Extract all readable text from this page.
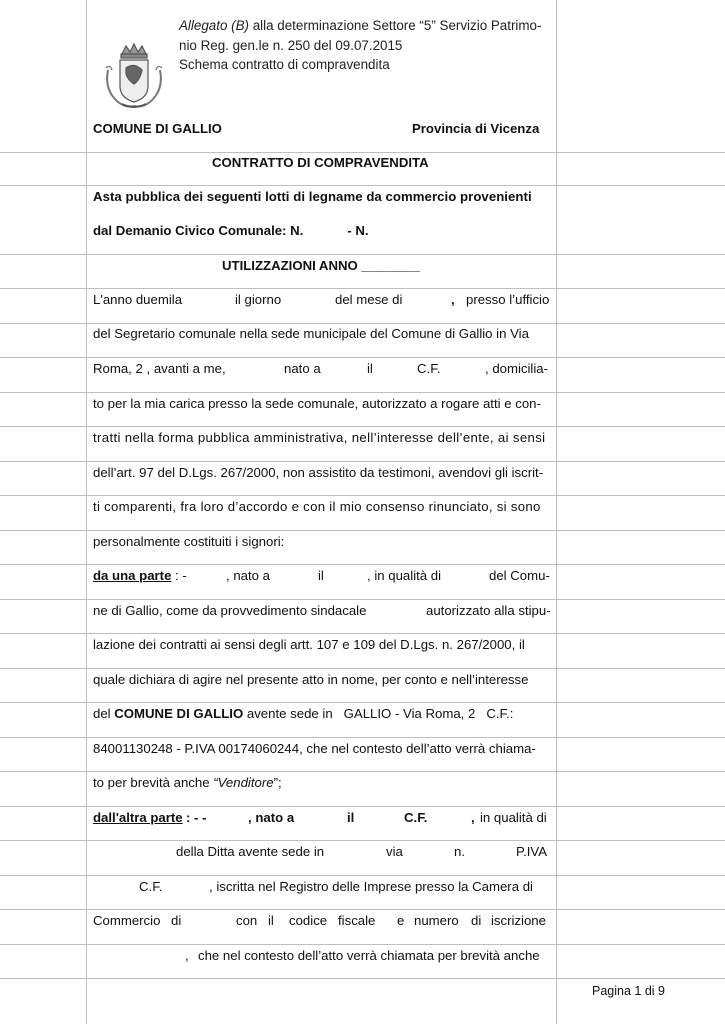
Allegato (B) alla determinazione Settore “5” Servizio Patrimo-
nio Reg. gen.le n. 250 del 09.07.2015
Schema contratto di compravendita
COMUNE DI GALLIO	Provincia di Vicenza
CONTRATTO DI COMPRAVENDITA
Asta pubblica dei seguenti lotti di legname da commercio provenienti
dal Demanio Civico Comunale: N.            - N.
UTILIZZAZIONI ANNO ________
L'anno duemila	il giorno	del mese di	, presso l’ufficio
del Segretario comunale nella sede municipale del Comune di Gallio in Via
Roma, 2 , avanti a me,	nato a	il	C.F.	, domicilia-
to per la mia carica presso la sede comunale, autorizzato a rogare atti e con-
tratti nella forma pubblica amministrativa, nell’interesse dell’ente, ai sensi
dell’art. 97 del D.Lgs. 267/2000, non assistito da testimoni, avendovi gli iscrit-
ti comparenti, fra loro d’accordo e con il mio consenso rinunciato, si sono
personalmente costituiti i signori:
da una parte : -	, nato a	il	, in qualità di	del Comu-
ne di Gallio, come da provvedimento sindacale	autorizzato alla stipu-
lazione dei contratti ai sensi degli artt. 107 e 109 del D.Lgs. n. 267/2000, il
quale dichiara di agire nel presente atto in nome, per conto e nell’interesse
del COMUNE DI GALLIO avente sede in   GALLIO - Via Roma, 2   C.F.:
84001130248 - P.IVA 00174060244, che nel contesto dell’atto verrà chiama-
to per brevità anche “Venditore”;
dall'altra parte : - -	, nato a	il	C.F.	, in qualità di
della Ditta avente sede in	via	n.	P.IVA
C.F.	, iscritta nel Registro delle Imprese presso la Camera di
Commercio di	con il codice fiscale e numero di iscrizione
, che nel contesto dell’atto verrà chiamata per brevità anche
Pagina 1 di 9
